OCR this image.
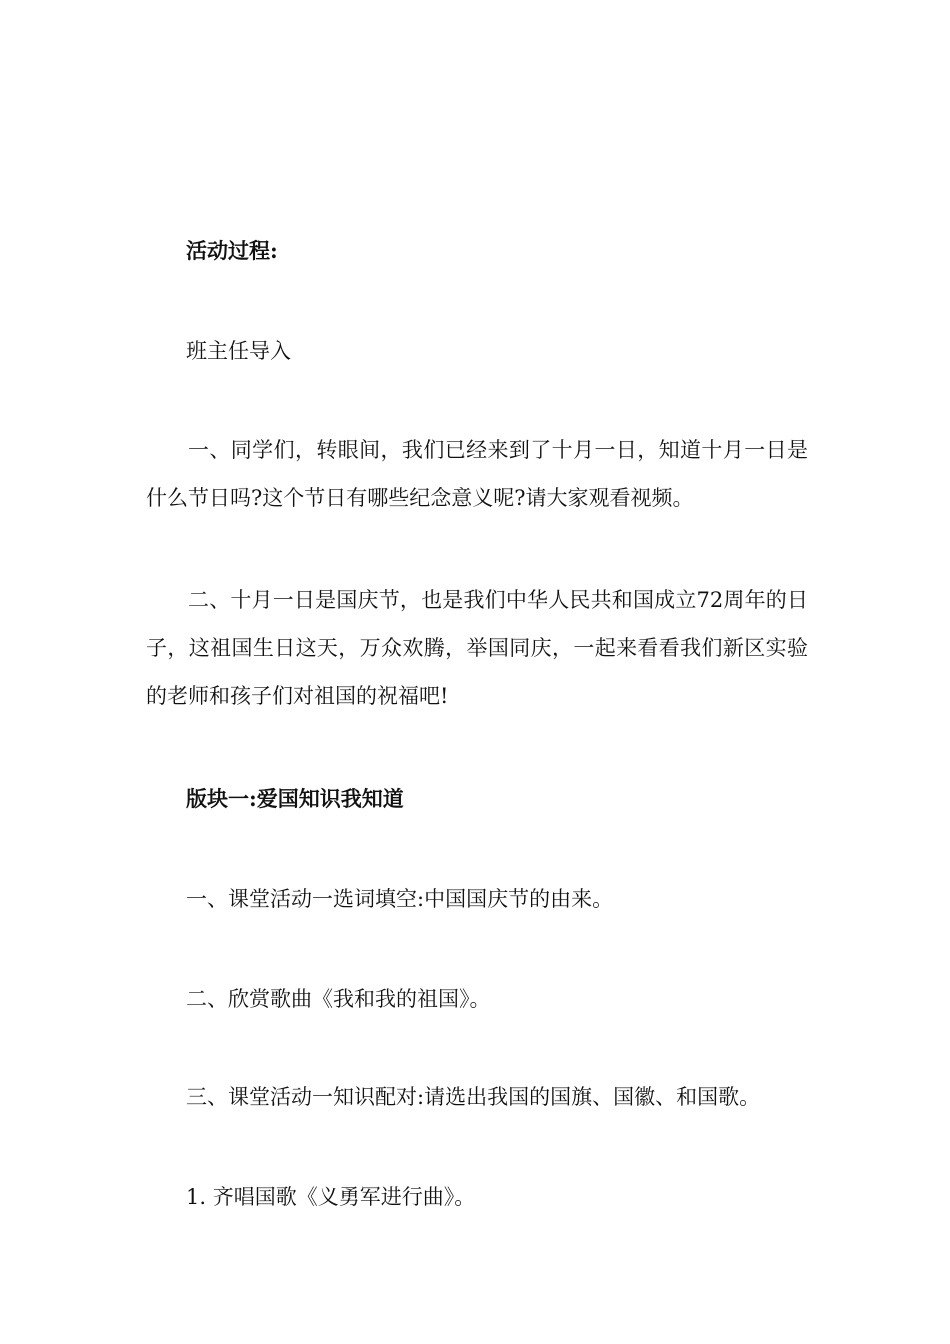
活动过程:
班主任导入
一、同学们，转眼间，我们已经来到了十月一日，知道十月一日是什么节日吗?这个节日有哪些纪念意义呢?请大家观看视频。
二、十月一日是国庆节，也是我们中华人民共和国成立72周年的日子，这祖国生日这天，万众欢腾，举国同庆，一起来看看我们新区实验的老师和孩子们对祖国的祝福吧!
版块一:爱国知识我知道
一、课堂活动一选词填空:中国国庆节的由来。
二、欣赏歌曲《我和我的祖国》。
三、课堂活动一知识配对:请选出我国的国旗、国徽、和国歌。
1. 齐唱国歌《义勇军进行曲》。
